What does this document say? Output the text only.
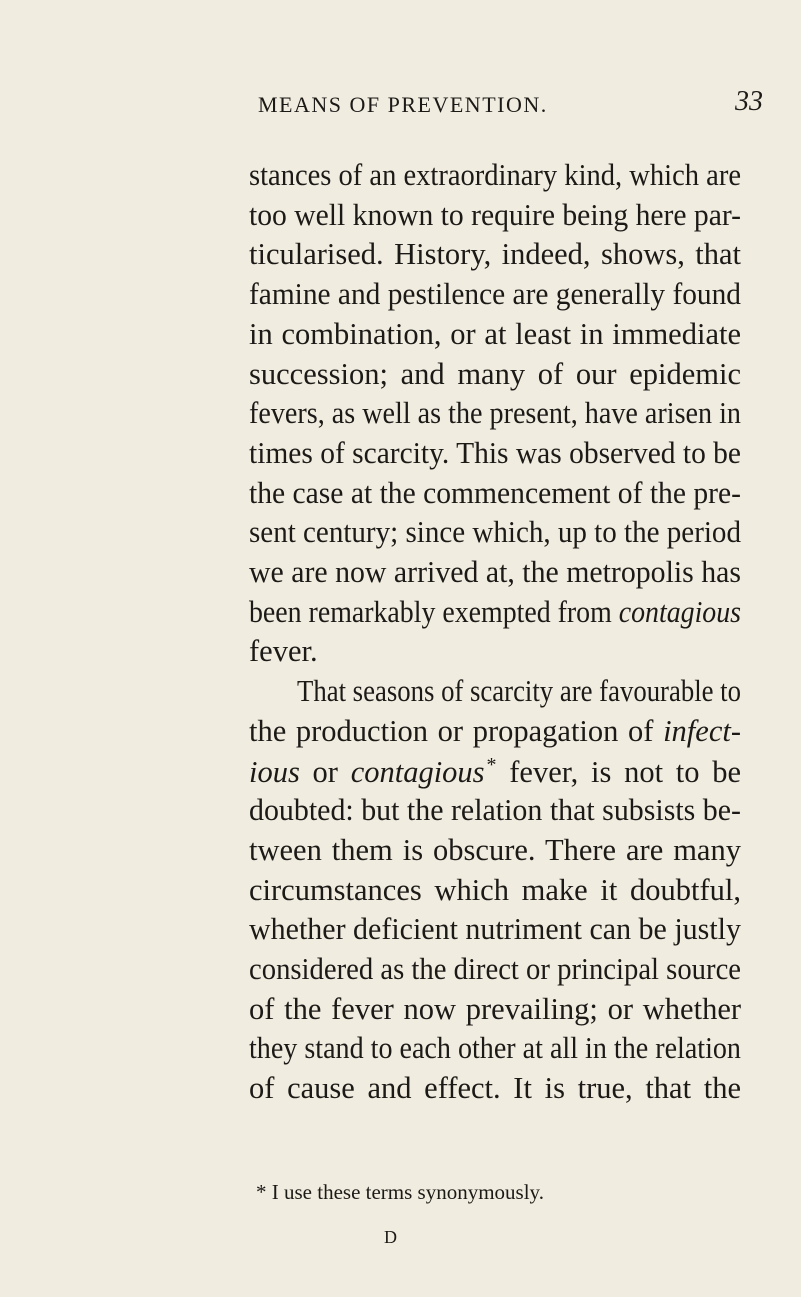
MEANS OF PREVENTION.	33
stances of an extraordinary kind, which are
too well known to require being here par-
ticularised. History, indeed, shows, that
famine and pestilence are generally found
in combination, or at least in immediate
succession; and many of our epidemic
fevers, as well as the present, have arisen in
times of scarcity. This was observed to be
the case at the commencement of the pre-
sent century; since which, up to the period
we are now arrived at, the metropolis has
been remarkably exempted from contagious
fever.
That seasons of scarcity are favourable to
the production or propagation of infect-
ious or contagious * fever, is not to be
doubted: but the relation that subsists be-
tween them is obscure. There are many
circumstances which make it doubtful,
whether deficient nutriment can be justly
considered as the direct or principal source
of the fever now prevailing; or whether
they stand to each other at all in the relation
of cause and effect. It is true, that the
* I use these terms synonymously.
D
